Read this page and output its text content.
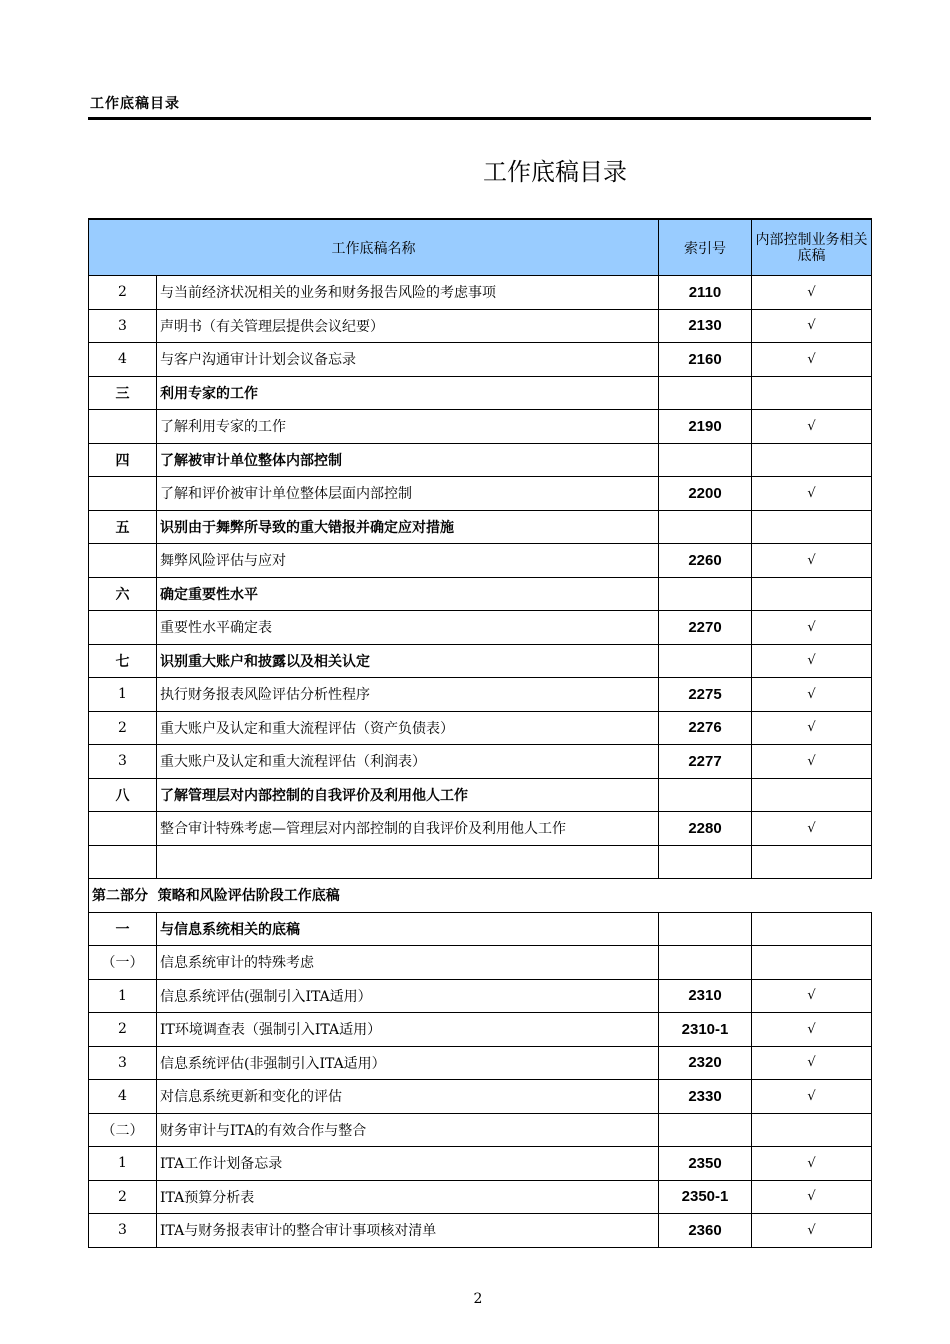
工作底稿目录
工作底稿目录
工作底稿名称		索引号	内部控制业务相关底稿
2	与当前经济状况相关的业务和财务报告风险的考虑事项	2110	√
3	声明书（有关管理层提供会议纪要）	2130	√
4	与客户沟通审计计划会议备忘录	2160	√
三	利用专家的工作		
	了解利用专家的工作	2190	√
四	了解被审计单位整体内部控制		
	了解和评价被审计单位整体层面内部控制	2200	√
五	识别由于舞弊所导致的重大错报并确定应对措施		
	舞弊风险评估与应对	2260	√
六	确定重要性水平		
	重要性水平确定表	2270	√
七	识别重大账户和披露以及相关认定		√
1	执行财务报表风险评估分析性程序	2275	√
2	重大账户及认定和重大流程评估（资产负债表）	2276	√
3	重大账户及认定和重大流程评估（利润表）	2277	√
八	了解管理层对内部控制的自我评价及利用他人工作		
	整合审计特殊考虑—管理层对内部控制的自我评价及利用他人工作	2280	√

第二部分  策略和风险评估阶段工作底稿			
一	与信息系统相关的底稿		
（一）	信息系统审计的特殊考虑		
1	信息系统评估(强制引入ITA适用）	2310	√
2	IT环境调查表（强制引入ITA适用）	2310-1	√
3	信息系统评估(非强制引入ITA适用）	2320	√
4	对信息系统更新和变化的评估	2330	√
（二）	财务审计与ITA的有效合作与整合		
1	ITA工作计划备忘录	2350	√
2	ITA预算分析表	2350-1	√
3	ITA与财务报表审计的整合审计事项核对清单	2360	√
2
